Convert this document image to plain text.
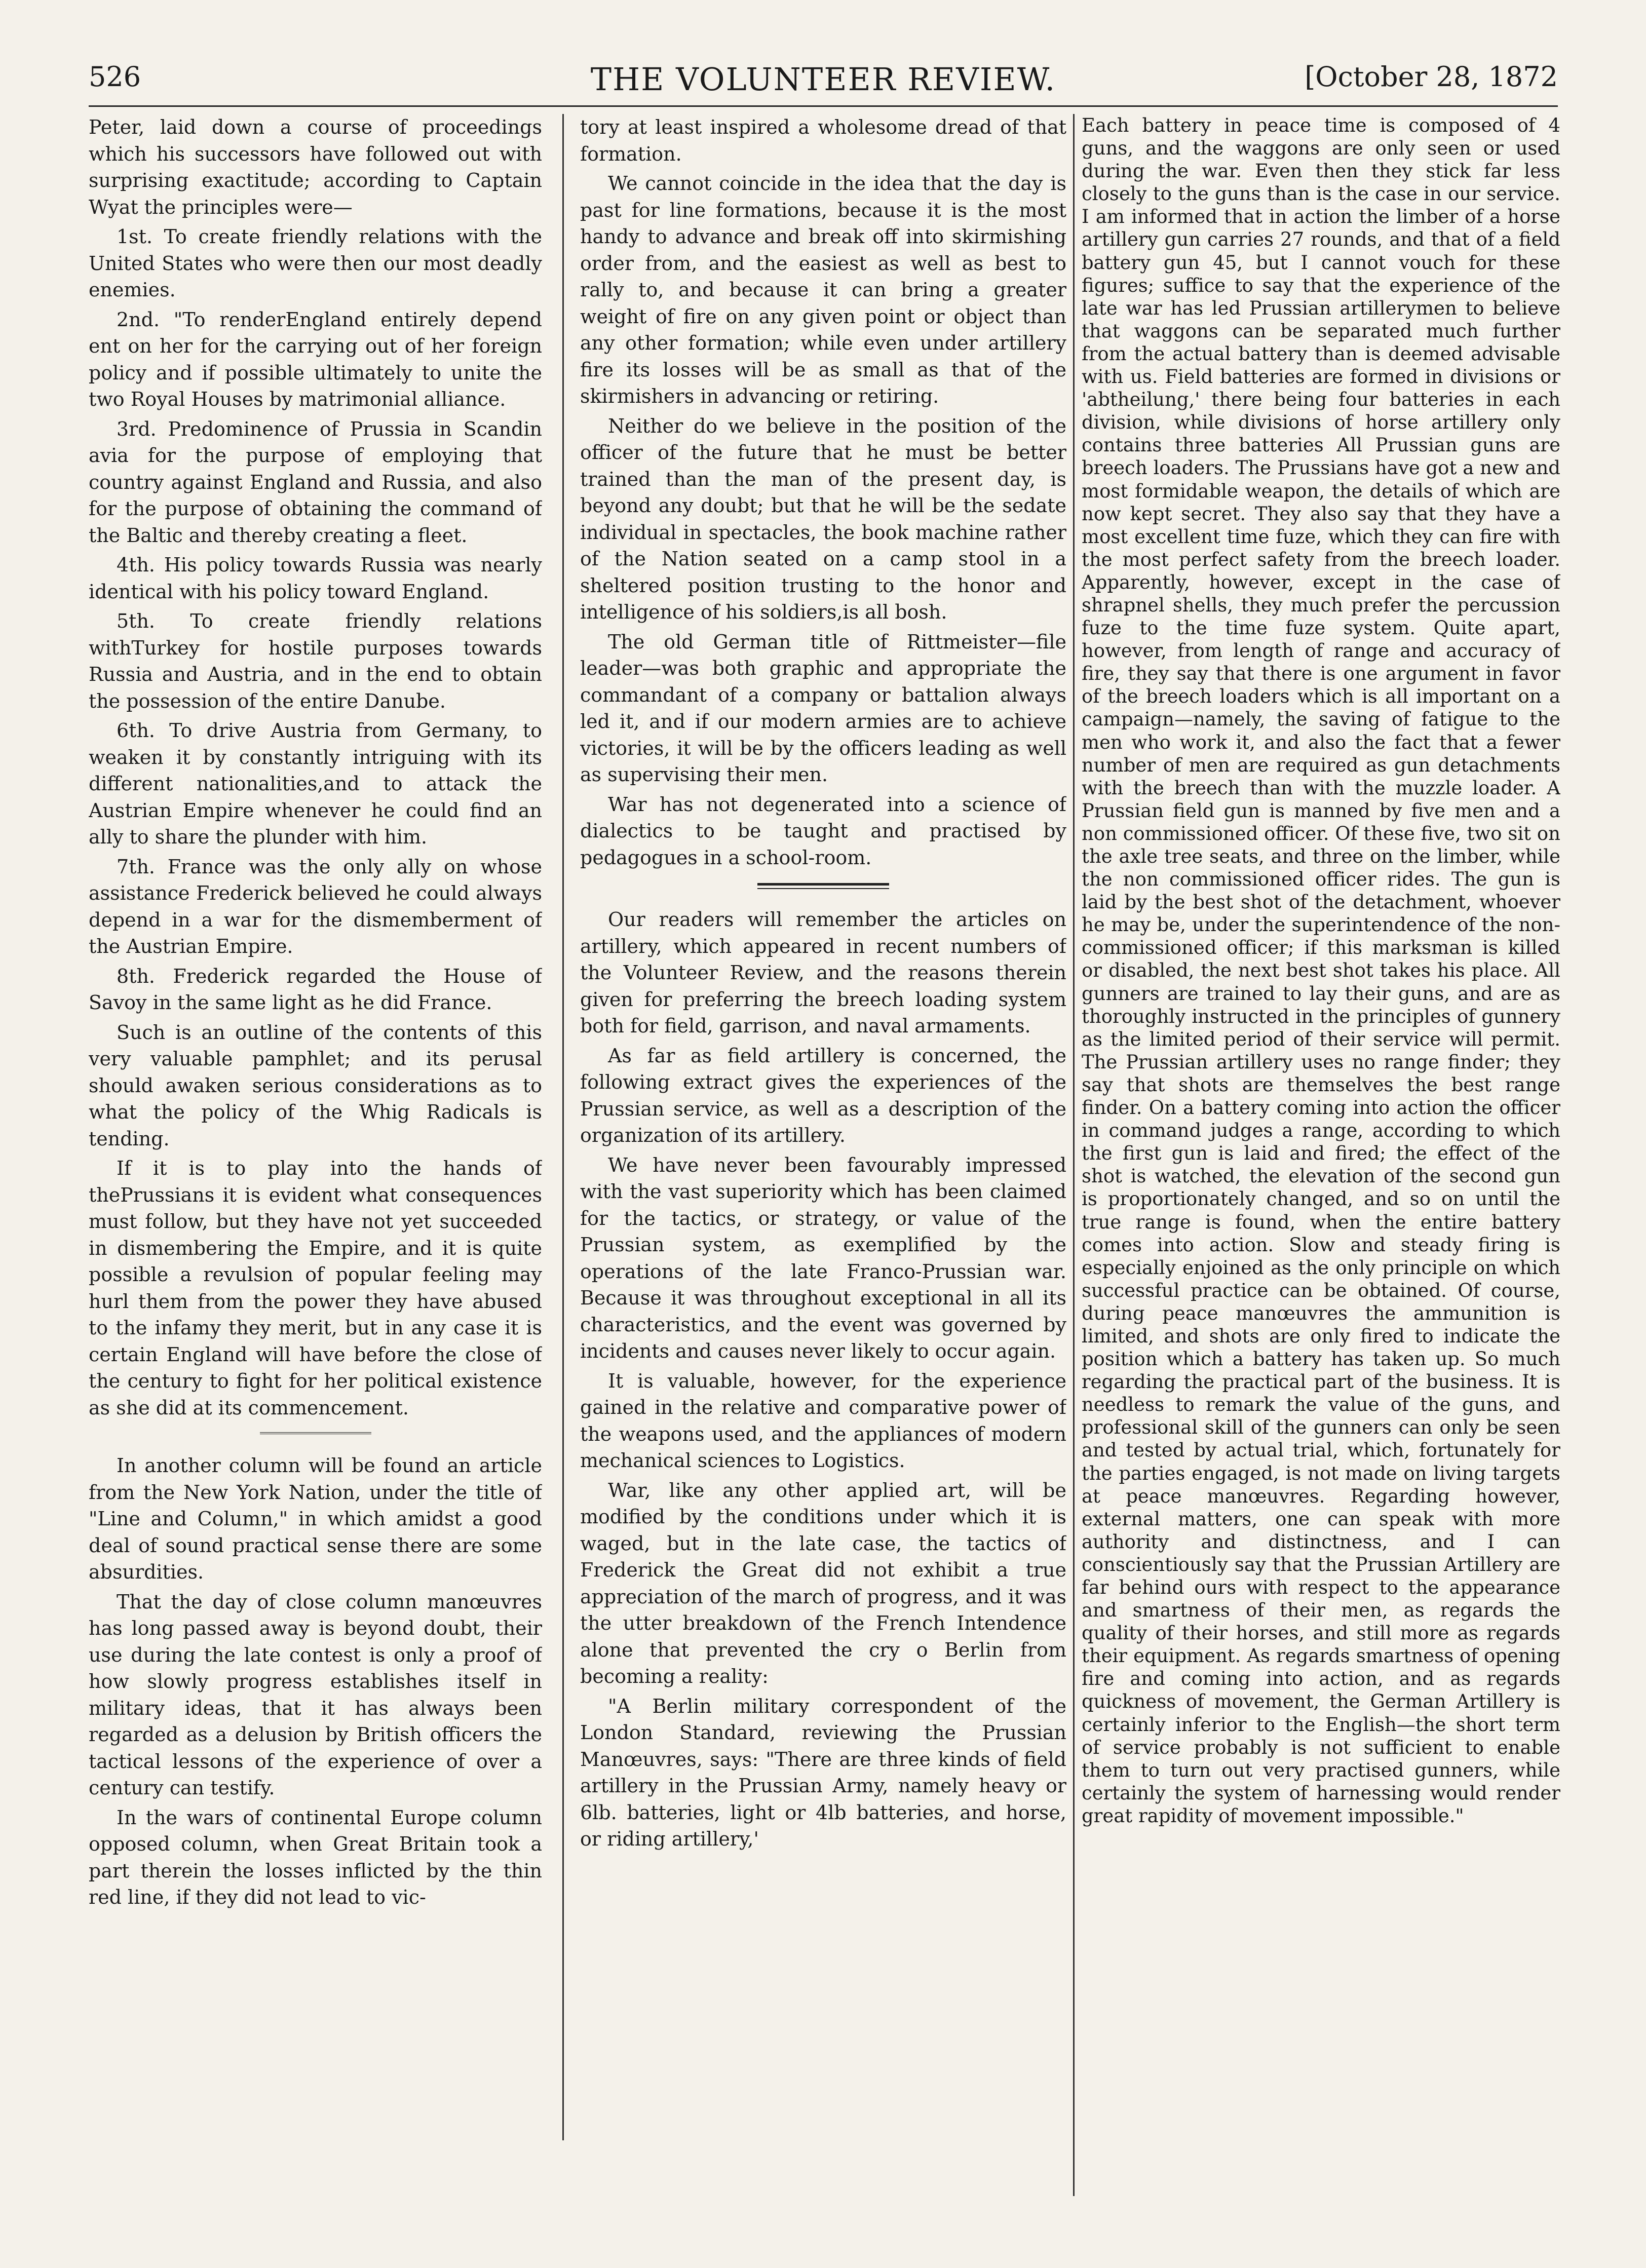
526	THE VOLUNTEER REVIEW.	[October 28, 1872

Peter, laid down a course of proceedings which his successors have followed out with surprising exactitude; according to Captain Wyat the principles were—

1st. To create friendly relations with the United States who were then our most deadly enemies.

2nd. "To renderEngland entirely depend ent on her for the carrying out of her foreign policy and if possible ultimately to unite the two Royal Houses by matrimonial alliance.

3rd. Predominence of Prussia in Scandin avia for the purpose of employing that country against England and Russia, and also for the purpose of obtaining the command of the Baltic and thereby creating a fleet.

4th. His policy towards Russia was nearly identical with his policy toward England.

5th. To create friendly relations withTurkey for hostile purposes towards Russia and Austria, and in the end to obtain the possession of the entire Danube.

6th. To drive Austria from Germany, to weaken it by constantly intriguing with its different nationalities,and to attack the Austrian Empire whenever he could find an ally to share the plunder with him.

7th. France was the only ally on whose assistance Frederick believed he could always depend in a war for the dismemberment of the Austrian Empire.

8th. Frederick regarded the House of Savoy in the same light as he did France.

Such is an outline of the contents of this very valuable pamphlet; and its perusal should awaken serious considerations as to what the policy of the Whig Radicals is tending.

If it is to play into the hands of thePrussians it is evident what consequences must follow, but they have not yet succeeded in dismembering the Empire, and it is quite possible a revulsion of popular feeling may hurl them from the power they have abused to the infamy they merit, but in any case it is certain England will have before the close of the century to fight for her political existence as she did at its commencement.

In another column will be found an article from the New York Nation, under the title of "Line and Column," in which amidst a good deal of sound practical sense there are some absurdities.

That the day of close column manœuvres has long passed away is beyond doubt, their use during the late contest is only a proof of how slowly progress establishes itself in military ideas, that it has always been regarded as a delusion by British officers the tactical lessons of the experience of over a century can testify.

In the wars of continental Europe column opposed column, when Great Britain took a part therein the losses inflicted by the thin red line, if they did not lead to vic-

tory at least inspired a wholesome dread of that formation.

We cannot coincide in the idea that the day is past for line formations, because it is the most handy to advance and break off into skirmishing order from, and the easiest as well as best to rally to, and because it can bring a greater weight of fire on any given point or object than any other formation; while even under artillery fire its losses will be as small as that of the skirmishers in advancing or retiring.

Neither do we believe in the position of the officer of the future that he must be better trained than the man of the present day, is beyond any doubt; but that he will be the sedate individual in spectacles, the book machine rather of the Nation seated on a camp stool in a sheltered position trusting to the honor and intelligence of his soldiers,is all bosh.

The old German title of Rittmeister—file leader—was both graphic and appropriate the commandant of a company or battalion always led it, and if our modern armies are to achieve victories, it will be by the officers leading as well as supervising their men.

War has not degenerated into a science of dialectics to be taught and practised by pedagogues in a school-room.

Our readers will remember the articles on artillery, which appeared in recent numbers of the Volunteer Review, and the reasons therein given for preferring the breech loading system both for field, garrison, and naval armaments.

As far as field artillery is concerned, the following extract gives the experiences of the Prussian service, as well as a description of the organization of its artillery.

We have never been favourably impressed with the vast superiority which has been claimed for the tactics, or strategy, or value of the Prussian system, as exemplified by the operations of the late Franco-Prussian war. Because it was throughout exceptional in all its characteristics, and the event was governed by incidents and causes never likely to occur again.

It is valuable, however, for the experience gained in the relative and comparative power of the weapons used, and the appliances of modern mechanical sciences to Logistics.

War, like any other applied art, will be modified by the conditions under which it is waged, but in the late case, the tactics of Frederick the Great did not exhibit a true appreciation of the march of progress, and it was the utter breakdown of the French Intendence alone that prevented the cry o Berlin from becoming a reality:

"A Berlin military correspondent of the London Standard, reviewing the Prussian Manœuvres, says: "There are three kinds of field artillery in the Prussian Army, namely heavy or 6lb. batteries, light or 4lb batteries, and horse, or riding artillery,'

Each battery in peace time is composed of 4 guns, and the waggons are only seen or used during the war. Even then they stick far less closely to the guns than is the case in our service. I am informed that in action the limber of a horse artillery gun carries 27 rounds, and that of a field battery gun 45, but I cannot vouch for these figures; suffice to say that the experience of the late war has led Prussian artillerymen to believe that waggons can be separated much further from the actual battery than is deemed advisable with us. Field batteries are formed in divisions or 'abtheilung,' there being four batteries in each division, while divisions of horse artillery only contains three batteries All Prussian guns are breech loaders. The Prussians have got a new and most formidable weapon, the details of which are now kept secret. They also say that they have a most excellent time fuze, which they can fire with the most perfect safety from the breech loader. Apparently, however, except in the case of shrapnel shells, they much prefer the percussion fuze to the time fuze system. Quite apart, however, from length of range and accuracy of fire, they say that there is one argument in favor of the breech loaders which is all important on a campaign—namely, the saving of fatigue to the men who work it, and also the fact that a fewer number of men are required as gun detachments with the breech than with the muzzle loader. A Prussian field gun is manned by five men and a non commissioned officer. Of these five, two sit on the axle tree seats, and three on the limber, while the non commissioned officer rides. The gun is laid by the best shot of the detachment, whoever he may be, under the superintendence of the non-commissioned officer; if this marksman is killed or disabled, the next best shot takes his place. All gunners are trained to lay their guns, and are as thoroughly instructed in the principles of gunnery as the limited period of their service will permit. The Prussian artillery uses no range finder; they say that shots are themselves the best range finder. On a battery coming into action the officer in command judges a range, according to which the first gun is laid and fired; the effect of the shot is watched, the elevation of the second gun is proportionately changed, and so on until the true range is found, when the entire battery comes into action. Slow and steady firing is especially enjoined as the only principle on which successful practice can be obtained. Of course, during peace manœuvres the ammunition is limited, and shots are only fired to indicate the position which a battery has taken up. So much regarding the practical part of the business. It is needless to remark the value of the guns, and professional skill of the gunners can only be seen and tested by actual trial, which, fortunately for the parties engaged, is not made on living targets at peace manœuvres. Regarding however, external matters, one can speak with more authority and distinctness, and I can conscientiously say that the Prussian Artillery are far behind ours with respect to the appearance and smartness of their men, as regards the quality of their horses, and still more as regards their equipment. As regards smartness of opening fire and coming into action, and as regards quickness of movement, the German Artillery is certainly inferior to the English—the short term of service probably is not sufficient to enable them to turn out very practised gunners, while certainly the system of harnessing would render great rapidity of movement impossible."
